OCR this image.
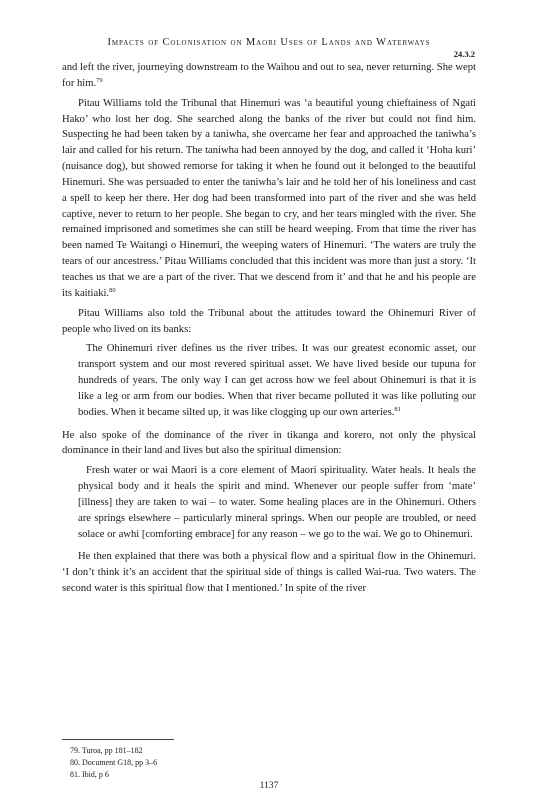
Impacts of Colonisation on Maori Uses of Lands and Waterways
24.3.2

and left the river, journeying downstream to the Waihou and out to sea, never returning. She wept for him.$^{79}$

Pitau Williams told the Tribunal that Hinemuri was ‘a beautiful young chieftainess of Ngati Hako’ who lost her dog. She searched along the banks of the river but could not find him. Suspecting he had been taken by a taniwha, she overcame her fear and approached the taniwha’s lair and called for his return. The taniwha had been annoyed by the dog, and called it ‘Hoha kuri’ (nuisance dog), but showed remorse for taking it when he found out it belonged to the beautiful Hinemuri. She was persuaded to enter the taniwha’s lair and he told her of his loneliness and cast a spell to keep her there. Her dog had been transformed into part of the river and she was held captive, never to return to her people. She began to cry, and her tears mingled with the river. She remained imprisoned and sometimes she can still be heard weeping. From that time the river has been named Te Waitangi o Hinemuri, the weeping waters of Hinemuri. ‘The waters are truly the tears of our ancestress.’ Pitau Williams concluded that this incident was more than just a story. ‘It teaches us that we are a part of the river. That we descend from it’ and that he and his people are its kaitiaki.$^{80}$

Pitau Williams also told the Tribunal about the attitudes toward the Ohinemuri River of people who lived on its banks:

The Ohinemuri river defines us the river tribes. It was our greatest economic asset, our transport system and our most revered spiritual asset. We have lived beside our tupuna for hundreds of years. The only way I can get across how we feel about Ohinemuri is that it is like a leg or arm from our bodies. When that river became polluted it was like polluting our bodies. When it became silted up, it was like clogging up our own arteries.$^{81}$

He also spoke of the dominance of the river in tikanga and korero, not only the physical dominance in their land and lives but also the spiritual dimension:

Fresh water or wai Maori is a core element of Maori spirituality. Water heals. It heals the physical body and it heals the spirit and mind. Whenever our people suffer from ‘mate’ [illness] they are taken to wai – to water. Some healing places are in the Ohinemuri. Others are springs elsewhere – particularly mineral springs. When our people are troubled, or need solace or awhi [comforting embrace] for any reason – we go to the wai. We go to Ohinemuri.

He then explained that there was both a physical flow and a spiritual flow in the Ohinemuri. ‘I don’t think it’s an accident that the spiritual side of things is called Wai-rua. Two waters. The second water is this spiritual flow that I mentioned.’ In spite of the river

79. Turoa, pp 181–182
80. Document G18, pp 3–6
81. Ibid, p 6
1137
